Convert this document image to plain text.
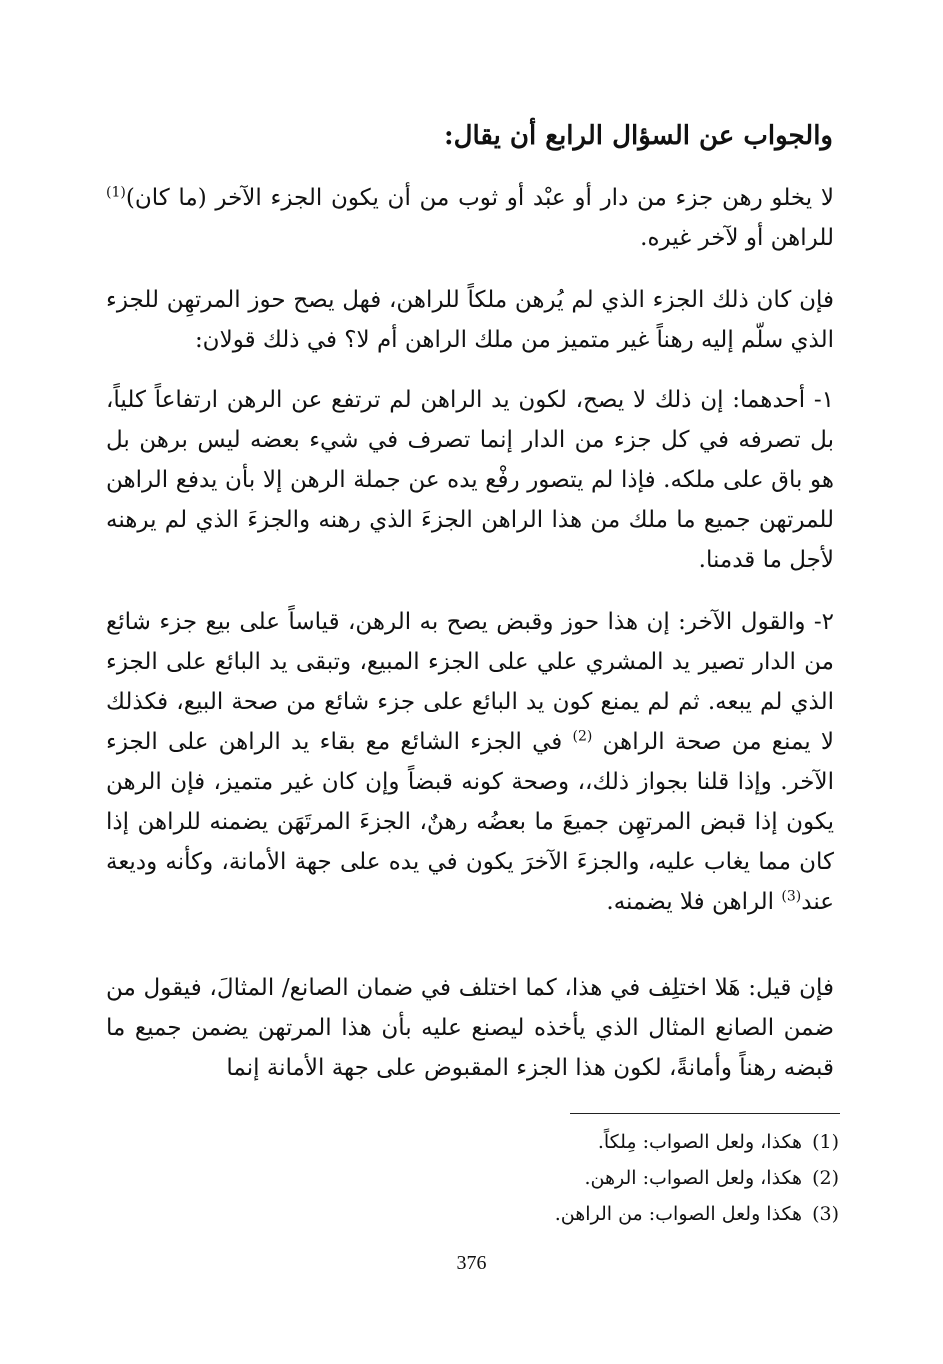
والجواب عن السؤال الرابع أن يقال:
لا يخلو رهن جزء من دار أو عبْد أو ثوب من أن يكون الجزء الآخر (ما كان)$^{(1)}$ للراهن أو لآخر غيره.
فإن كان ذلك الجزء الذي لم يُرهن ملكاً للراهن، فهل يصح حوز المرتهِن للجزء الذي سلّم إليه رهناً غير متميز من ملك الراهن أم لا؟ في ذلك قولان:
١- أحدهما: إن ذلك لا يصح، لكون يد الراهن لم ترتفع عن الرهن ارتفاعاً كلياً، بل تصرفه في كل جزء من الدار إنما تصرف في شيء بعضه ليس برهن بل هو باق على ملكه. فإذا لم يتصور رفْع يده عن جملة الرهن إلا بأن يدفع الراهن للمرتهن جميع ما ملك من هذا الراهن الجزءَ الذي رهنه والجزءَ الذي لم يرهنه لأجل ما قدمنا.
٢- والقول الآخر: إن هذا حوز وقبض يصح به الرهن، قياساً على بيع جزء شائع من الدار تصير يد المشري علي على الجزء المبيع، وتبقى يد البائع على الجزء الذي لم يبعه. ثم لم يمنع كون يد البائع على جزء شائع من صحة البيع، فكذلك لا يمنع من صحة الراهن $^{(2)}$ في الجزء الشائع مع بقاء يد الراهن على الجزء الآخر. وإذا قلنا بجواز ذلك،، وصحة كونه قبضاً وإن كان غير متميز، فإن الرهن يكون إذا قبض المرتهِن جميعَ ما بعضُه رهنٌ، الجزءَ المرتَهَن يضمنه للراهن إذا كان مما يغاب عليه، والجزءَ الآخرَ يكون في يده على جهة الأمانة، وكأنه وديعة عند$^{(3)}$ الراهن فلا يضمنه.
فإن قيل: هَلا اختلِف في هذا، كما اختلف في ضمان الصانع/ المثالَ، فيقول من ضمن الصانع المثال الذي يأخذه ليصنع عليه بأن هذا المرتهن يضمن جميع ما قبضه رهناً وأمانةً، لكون هذا الجزء المقبوض على جهة الأمانة إنما
(1)هكذا، ولعل الصواب: مِلكاً.
(2)هكذا، ولعل الصواب: الرهن.
(3)هكذا ولعل الصواب: من الراهن.
376
